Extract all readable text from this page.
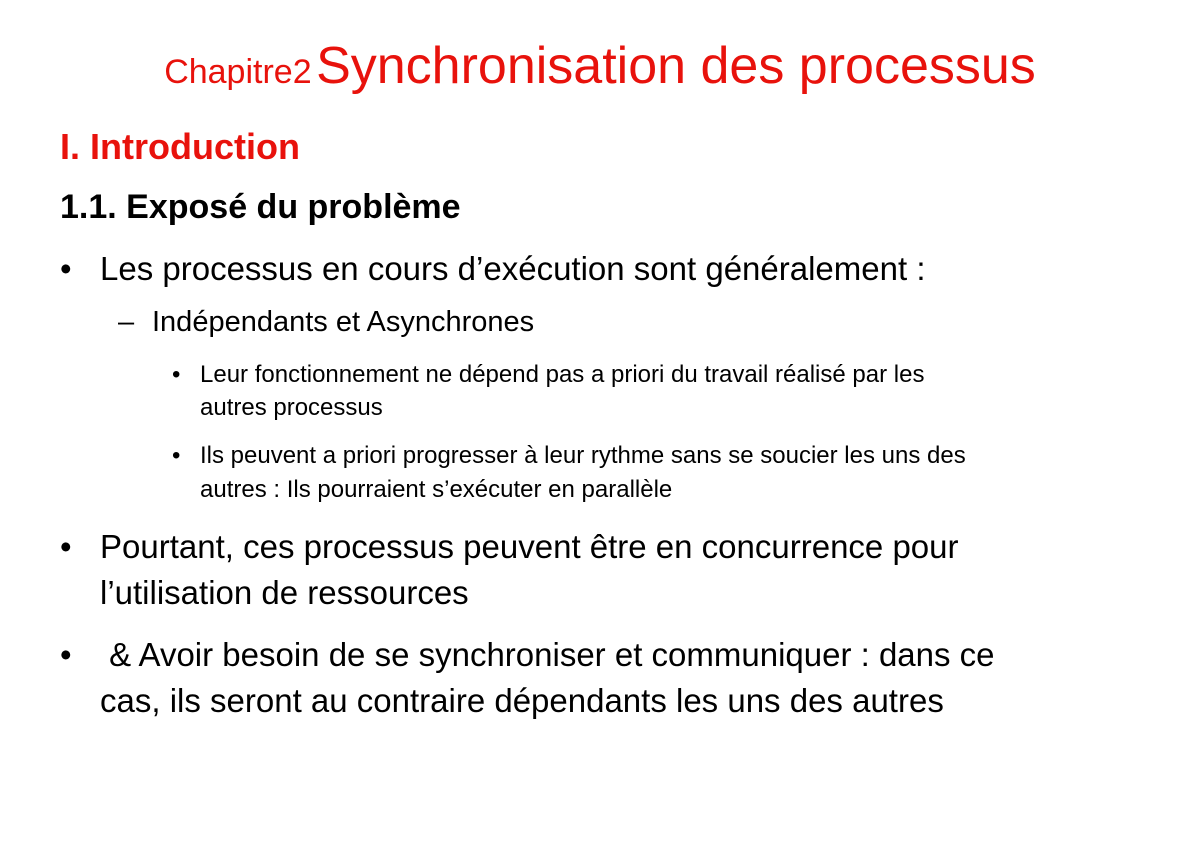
Chapitre2 Synchronisation des processus
I. Introduction
1.1. Exposé du problème
• Les processus en cours d’exécution sont généralement :
– Indépendants et Asynchrones
• Leur fonctionnement ne dépend pas a priori du travail réalisé par les
autres processus
• Ils peuvent a priori progresser à leur rythme sans se soucier les uns des
autres : Ils pourraient s’exécuter en parallèle
• Pourtant, ces processus peuvent être en concurrence pour
l’utilisation de ressources
• & Avoir besoin de se synchroniser et communiquer : dans ce
cas, ils seront au contraire dépendants les uns des autres
